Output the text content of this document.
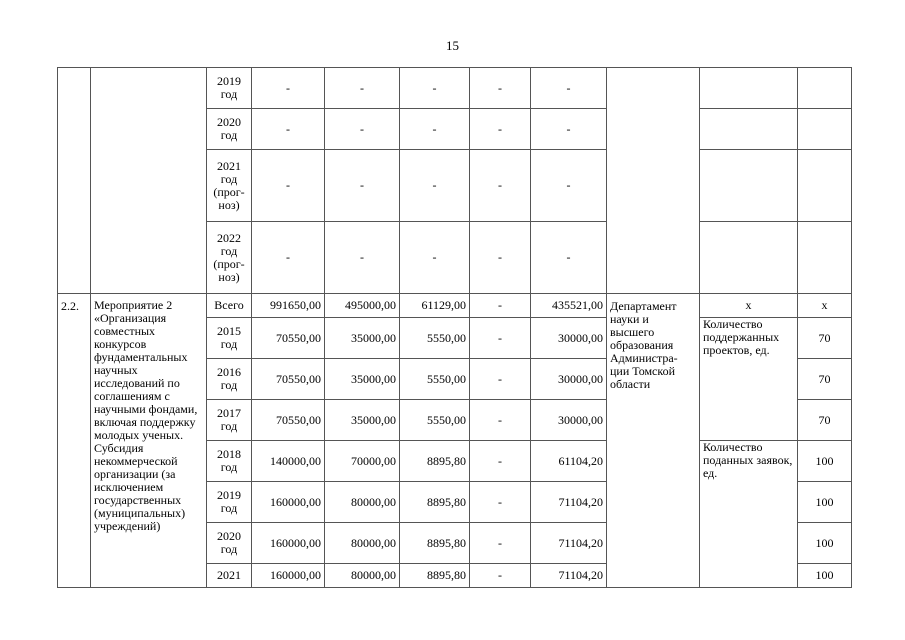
15
		2019 год	-	-	-	-	-			
		2020 год	-	-	-	-	-			
		2021 год (прог-ноз)	-	-	-	-	-			
		2022 год (прог-ноз)	-	-	-	-	-			
2.2.	Мероприятие 2 «Организация совместных конкурсов фундаментальных научных исследований по соглашениям с научными фондами, включая поддержку молодых ученых. Субсидия некоммерческой организации (за исключением государственных (муниципальных) учреждений)	Всего	991650,00	495000,00	61129,00	-	435521,00	Департамент науки и высшего образования Администра-ции Томской области	x	x
		2015 год	70550,00	35000,00	5550,00	-	30000,00		Количество поддержанных проектов, ед.	70
		2016 год	70550,00	35000,00	5550,00	-	30000,00			70
		2017 год	70550,00	35000,00	5550,00	-	30000,00			70
		2018 год	140000,00	70000,00	8895,80	-	61104,20		Количество поданных заявок, ед.	100
		2019 год	160000,00	80000,00	8895,80	-	71104,20			100
		2020 год	160000,00	80000,00	8895,80	-	71104,20			100
		2021	160000,00	80000,00	8895,80	-	71104,20			100
